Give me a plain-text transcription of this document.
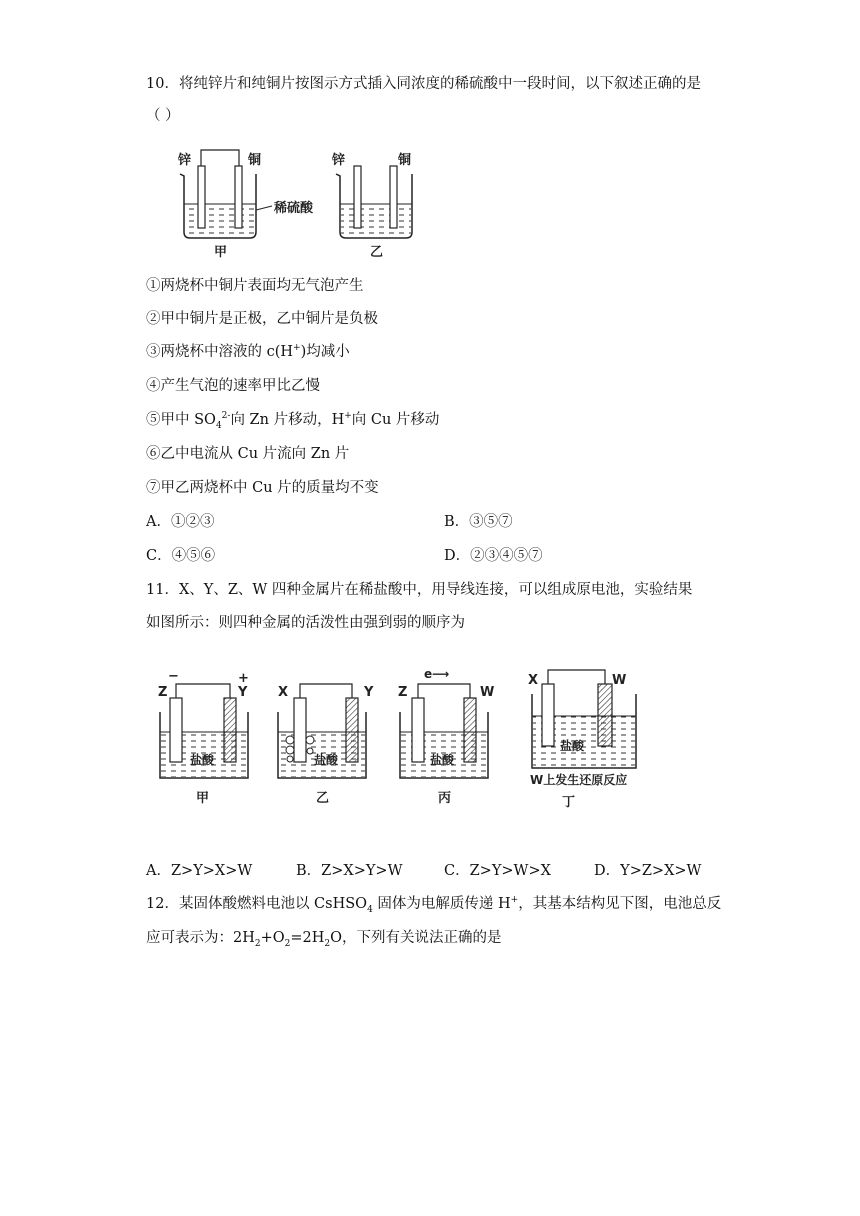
10．将纯锌片和纯铜片按图示方式插入同浓度的稀硫酸中一段时间，以下叙述正确的是
（ ）
锌	铜	锌	铜
稀硫酸
甲	乙
①两烧杯中铜片表面均无气泡产生
②甲中铜片是正极，乙中铜片是负极
③两烧杯中溶液的 c(H+)均减小
④产生气泡的速率甲比乙慢
⑤甲中 $SO_4^{2-}$向 Zn 片移动，H+向 Cu 片移动
⑥乙中电流从 Cu 片流向 Zn 片
⑦甲乙两烧杯中 Cu 片的质量均不变
A．①②③	B．③⑤⑦
C．④⑤⑥	D．②③④⑤⑦
11．X、Y、Z、W 四种金属片在稀盐酸中，用导线连接，可以组成原电池，实验结果
如图所示：则四种金属的活泼性由强到弱的顺序为
Z
−
Y
+
盐酸
X	Y
盐酸
Z	W
e⟶
盐酸
X	W
盐酸
W上发生还原反应
甲	乙	丙	丁
A．Z>Y>X>W	B．Z>X>Y>W	C．Z>Y>W>X	D．Y>Z>X>W
12．某固体酸燃料电池以 CsHSO$_4$ 固体为电解质传递 H+，其基本结构见下图，电池总反
应可表示为：$2H_2+O_2=2H_2O$，下列有关说法正确的是
